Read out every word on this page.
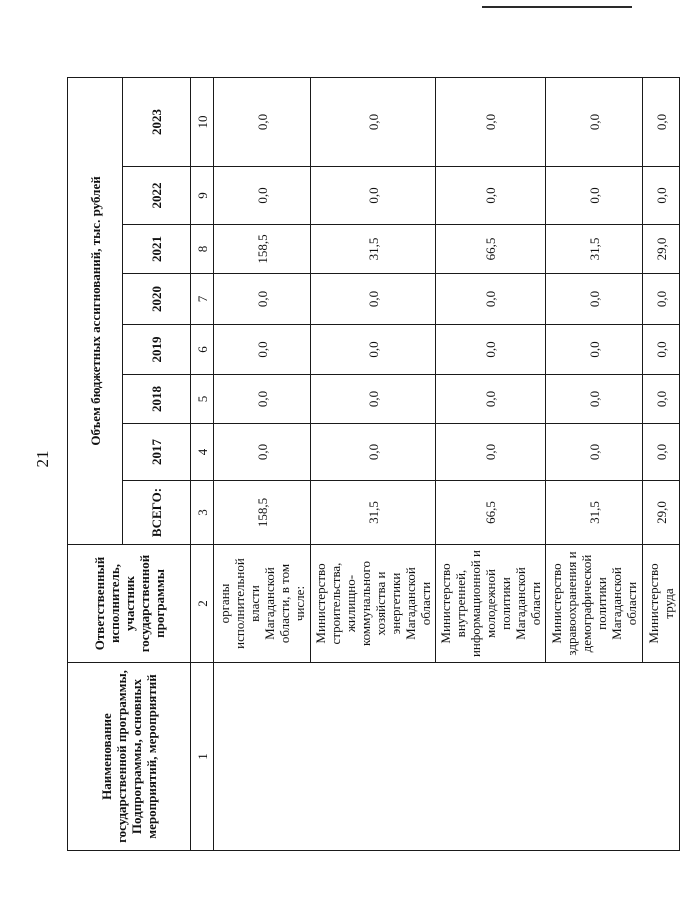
21
Наименование государственной программы, Подпрограммы, основных мероприятий, мероприятий	Ответственный исполнитель, участник государственной программы	Объем бюджетных ассигнований, тыс. рублей							
		ВСЕГО:	2017	2018	2019	2020	2021	2022	2023
1	2	3	4	5	6	7	8	9	10
	органы исполнительной власти Магаданской области, в том числе:	158,5	0,0	0,0	0,0	0,0	158,5	0,0	0,0
	Министерство строительства, жилищно-коммунального хозяйства и энергетики Магаданской области	31,5	0,0	0,0	0,0	0,0	31,5	0,0	0,0
	Министерство внутренней, информационной и молодежной политики Магаданской области	66,5	0,0	0,0	0,0	0,0	66,5	0,0	0,0
	Министерство здравоохранения и демографической политики Магаданской области	31,5	0,0	0,0	0,0	0,0	31,5	0,0	0,0
	Министерство труда	29,0	0,0	0,0	0,0	0,0	29,0	0,0	0,0
